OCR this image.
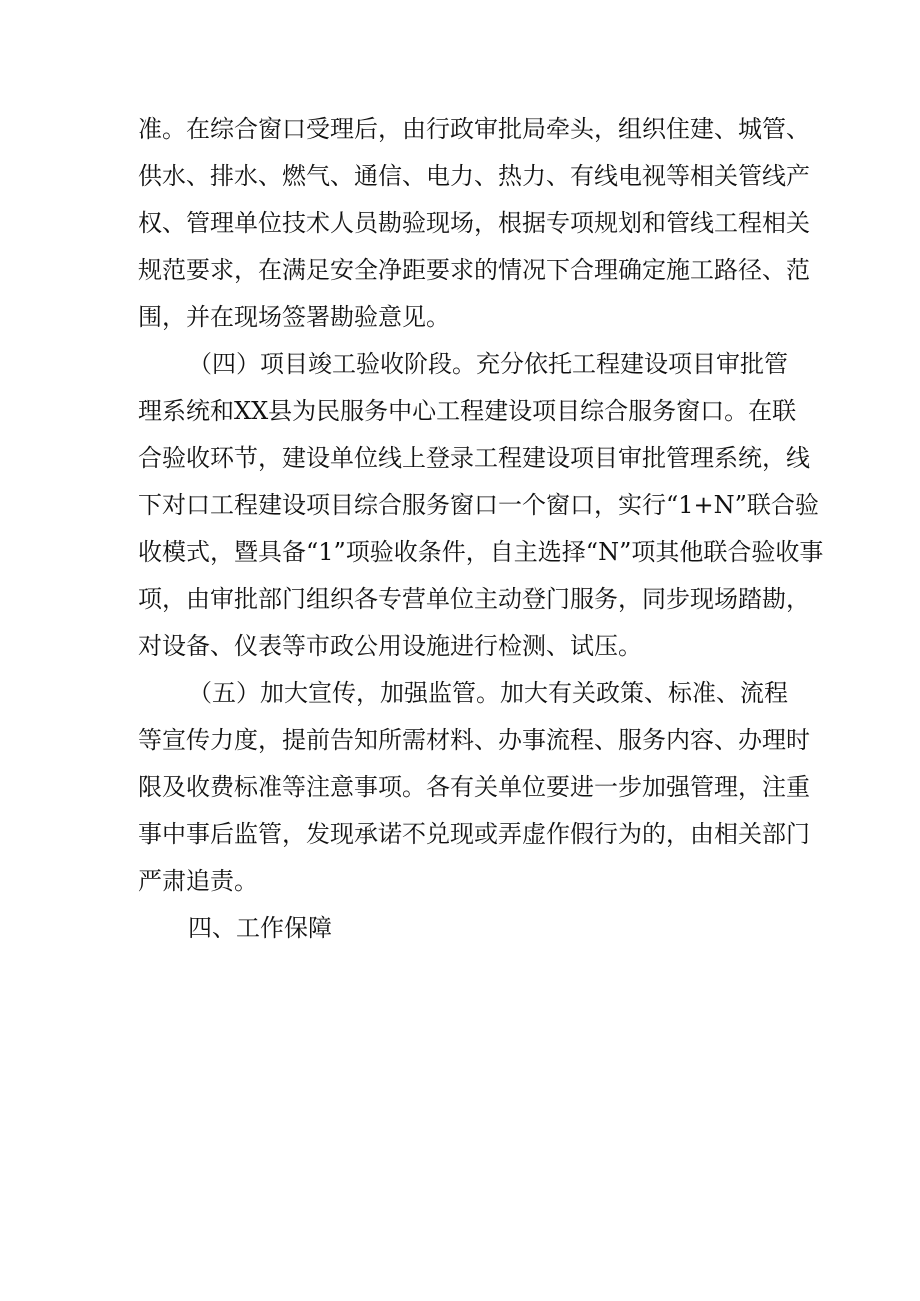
准。在综合窗口受理后，由行政审批局牵头，组织住建、城管、
供水、排水、燃气、通信、电力、热力、有线电视等相关管线产
权、管理单位技术人员勘验现场，根据专项规划和管线工程相关
规范要求，在满足安全净距要求的情况下合理确定施工路径、范
围，并在现场签署勘验意见。
（四）项目竣工验收阶段。充分依托工程建设项目审批管
理系统和XX县为民服务中心工程建设项目综合服务窗口。在联
合验收环节，建设单位线上登录工程建设项目审批管理系统，线
下对口工程建设项目综合服务窗口一个窗口，实行“1+N”联合验
收模式，暨具备“1”项验收条件，自主选择“N”项其他联合验收事
项，由审批部门组织各专营单位主动登门服务，同步现场踏勘，
对设备、仪表等市政公用设施进行检测、试压。
（五）加大宣传，加强监管。加大有关政策、标准、流程
等宣传力度，提前告知所需材料、办事流程、服务内容、办理时
限及收费标准等注意事项。各有关单位要进一步加强管理，注重
事中事后监管，发现承诺不兑现或弄虚作假行为的，由相关部门
严肃追责。
四、工作保障
